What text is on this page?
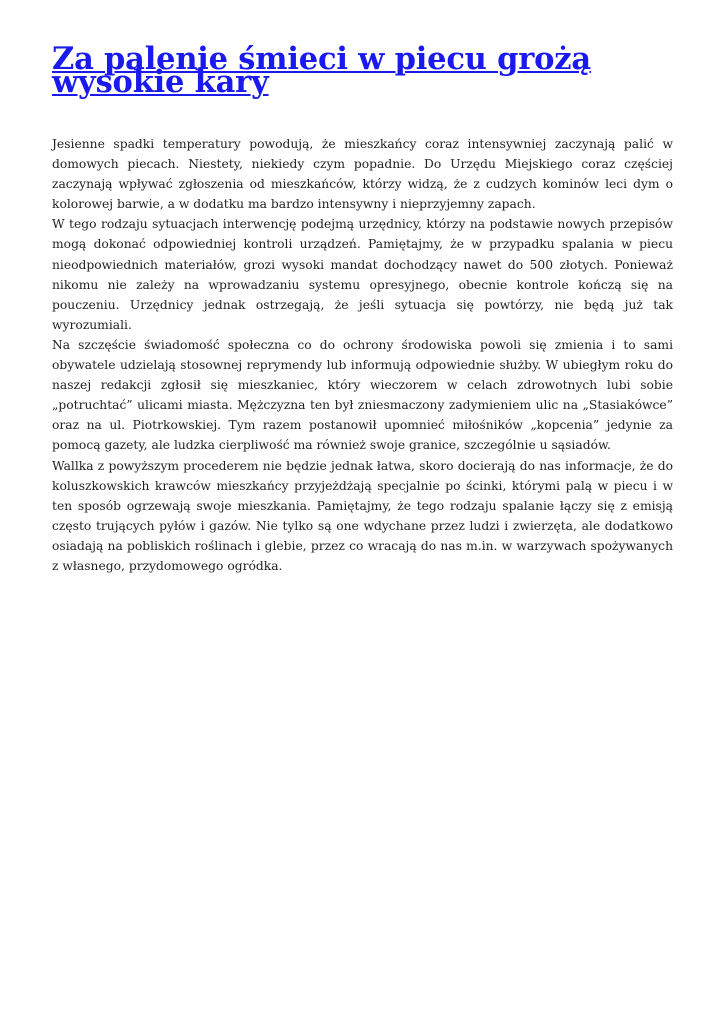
Za palenie śmieci w piecu grożą wysokie kary

Jesienne spadki temperatury powodują, że mieszkańcy coraz intensywniej zaczynają palić w domowych piecach. Niestety, niekiedy czym popadnie. Do Urzędu Miejskiego coraz częściej zaczynają wpływać zgłoszenia od mieszkańców, którzy widzą, że z cudzych kominów leci dym o kolorowej barwie, a w dodatku ma bardzo intensywny i nieprzyjemny zapach.

W tego rodzaju sytuacjach interwencję podejmą urzędnicy, którzy na podstawie nowych przepisów mogą dokonać odpowiedniej kontroli urządzeń. Pamiętajmy, że w przypadku spalania w piecu nieodpowiednich materiałów, grozi wysoki mandat dochodzący nawet do 500 złotych. Ponieważ nikomu nie zależy na wprowadzaniu systemu opresyjnego, obecnie kontrole kończą się na pouczeniu. Urzędnicy jednak ostrzegają, że jeśli sytuacja się powtórzy, nie będą już tak wyrozumiali.

Na szczęście świadomość społeczna co do ochrony środowiska powoli się zmienia i to sami obywatele udzielają stosownej reprymendy lub informują odpowiednie służby. W ubiegłym roku do naszej redakcji zgłosił się mieszkaniec, który wieczorem w celach zdrowotnych lubi sobie „potruchtać” ulicami miasta. Mężczyzna ten był zniesmaczony zadymieniem ulic na „Stasiakówce” oraz na ul. Piotrkowskiej. Tym razem postanowił upomnieć miłośników „kopcenia” jedynie za pomocą gazety, ale ludzka cierpliwość ma również swoje granice, szczególnie u sąsiadów.

Wallka z powyższym procederem nie będzie jednak łatwa, skoro docierają do nas informacje, że do koluszkowskich krawców mieszkańcy przyjeżdżają specjalnie po ścinki, którymi palą w piecu i w ten sposób ogrzewają swoje mieszkania. Pamiętajmy, że tego rodzaju spalanie łączy się z emisją często trujących pyłów i gazów. Nie tylko są one wdychane przez ludzi i zwierzęta, ale dodatkowo osiadają na pobliskich roślinach i glebie, przez co wracają do nas m.in. w warzywach spożywanych z własnego, przydomowego ogródka.
